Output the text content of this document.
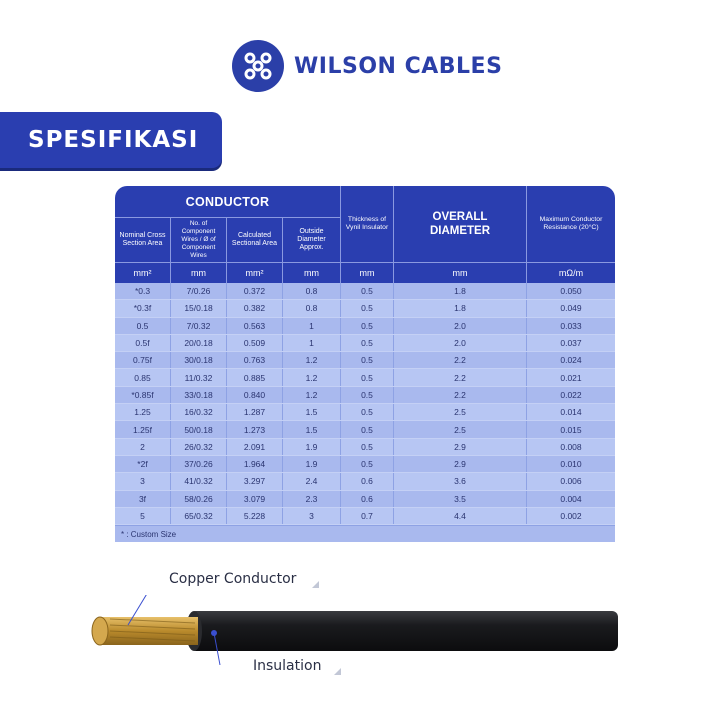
WILSON CABLES
SPESIFIKASI
CONDUCTOR
Nominal Cross Section Area
No. of Component Wires / Ø of Component Wires
Calculated Sectional Area
Outside Diameter Approx.
Thickness of Vynil Insulator
OVERALL DIAMETER
Maximum Conductor Resistance (20°C)
mm²	mm	mm²	mm	mm	mm	mΩ/m
*0.3	7/0.26	0.372	0.8	0.5	1.8	0.050
*0.3f	15/0.18	0.382	0.8	0.5	1.8	0.049
0.5	7/0.32	0.563	1	0.5	2.0	0.033
0.5f	20/0.18	0.509	1	0.5	2.0	0.037
0.75f	30/0.18	0.763	1.2	0.5	2.2	0.024
0.85	11/0.32	0.885	1.2	0.5	2.2	0.021
*0.85f	33/0.18	0.840	1.2	0.5	2.2	0.022
1.25	16/0.32	1.287	1.5	0.5	2.5	0.014
1.25f	50/0.18	1.273	1.5	0.5	2.5	0.015
2	26/0.32	2.091	1.9	0.5	2.9	0.008
*2f	37/0.26	1.964	1.9	0.5	2.9	0.010
3	41/0.32	3.297	2.4	0.6	3.6	0.006
3f	58/0.26	3.079	2.3	0.6	3.5	0.004
5	65/0.32	5.228	3	0.7	4.4	0.002
* : Custom Size
Copper Conductor
Insulation
